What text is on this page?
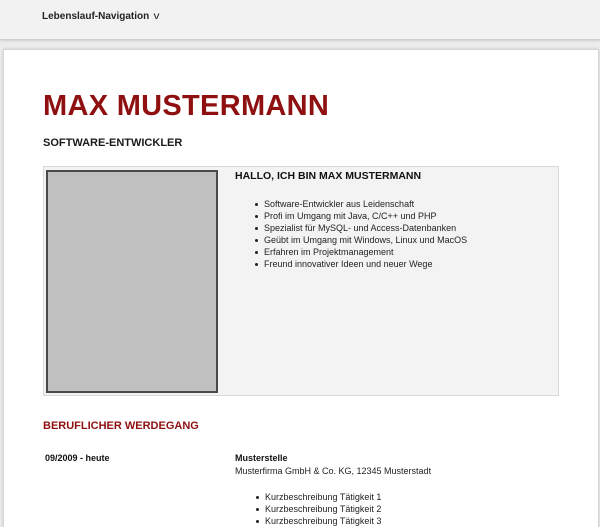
Lebenslauf-Navigation v
MAX MUSTERMANN
SOFTWARE-ENTWICKLER
HALLO, ICH BIN MAX MUSTERMANN
Software-Entwickler aus Leidenschaft
Profi im Umgang mit Java, C/C++ und PHP
Spezialist für MySQL- und Access-Datenbanken
Geübt im Umgang mit Windows, Linux und MacOS
Erfahren im Projektmanagement
Freund innovativer Ideen und neuer Wege
BERUFLICHER WERDEGANG
09/2009 - heute	Musterstelle
Musterfirma GmbH & Co. KG, 12345 Musterstadt
Kurzbeschreibung Tätigkeit 1
Kurzbeschreibung Tätigkeit 2
Kurzbeschreibung Tätigkeit 3
